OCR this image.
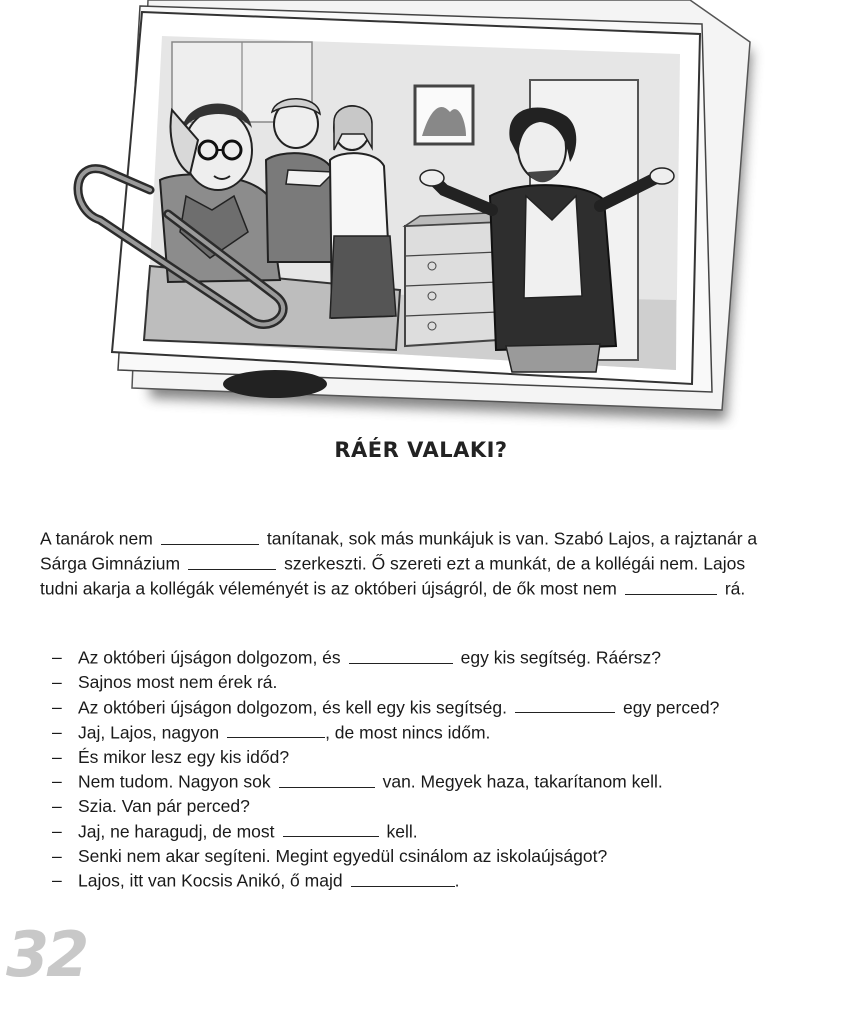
RÁÉR VALAKI?
A tanárok nem	tanítanak, sok más munkájuk is van. Szabó Lajos, a rajztanár a
Sárga Gimnázium	szerkeszti. Ő szereti ezt a munkát, de a kollégái nem. Lajos
tudni akarja a kollégák véleményét is az októberi újságról, de ők most nem	rá.
– Az októberi újságon dolgozom, és	egy kis segítség. Ráérsz?
– Sajnos most nem érek rá.
– Az októberi újságon dolgozom, és kell egy kis segítség.	egy perced?
– Jaj, Lajos, nagyon	, de most nincs időm.
– És mikor lesz egy kis időd?
– Nem tudom. Nagyon sok	van. Megyek haza, takarítanom kell.
– Szia. Van pár perced?
– Jaj, ne haragudj, de most	kell.
– Senki nem akar segíteni. Megint egyedül csinálom az iskolaújságot?
– Lajos, itt van Kocsis Anikó, ő majd	.
32
